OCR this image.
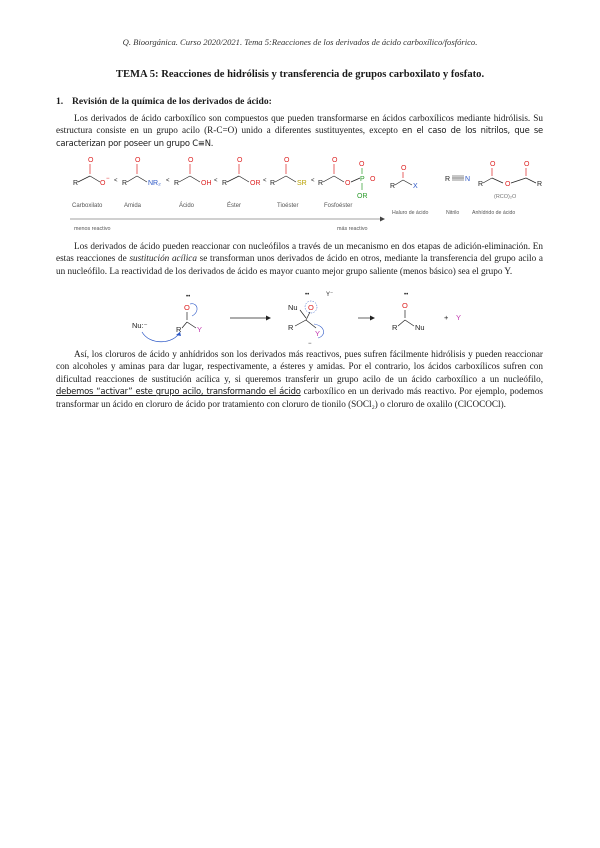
Q. Bioorgánica. Curso 2020/2021. Tema 5:Reacciones de los derivados de ácido carboxílico/fosfórico.
TEMA 5: Reacciones de hidrólisis y transferencia de grupos carboxilato y fosfato.
1. Revisión de la química de los derivados de ácido:
Los derivados de ácido carboxílico son compuestos que pueden transformarse en ácidos carboxílicos mediante hidrólisis. Su estructura consiste en un grupo acilo (R-C=O) unido a diferentes sustituyentes, excepto en el caso de los nitrilos, que se caracterizan por poseer un grupo C≡N.
O
R	O
− <
O
R	NR₂ <
O
R	OH <
O
R	OR <
O
R	SR <
O
R	O
P
O
O
OR
O
R	X
R N
O	O
R	O	R
Carboxilato	Amida	Ácido	Éster	Tioéster	Fosfoéster
Haluro de ácido	Nitrilo Anhídrido de ácido
(RCO)₂O
menos reactivo	más reactivo
Los derivados de ácido pueden reaccionar con nucleófilos a través de un mecanismo en dos etapas de adición-eliminación. En estas reacciones de sustitución acílica se transforman unos derivados de ácido en otros, mediante la transferencia del grupo acilo a un nucleófilo. La reactividad de los derivados de ácido es mayor cuanto mejor grupo saliente (menos básico) sea el grupo Y.
Nu:⁻
••
O
R Y
••	Y⁻
Nu O
R
Y
−
••
O
R Nu
+ Y
Así, los cloruros de ácido y anhídridos son los derivados más reactivos, pues sufren fácilmente hidrólisis y pueden reaccionar con alcoholes y aminas para dar lugar, respectivamente, a ésteres y amidas. Por el contrario, los ácidos carboxílicos sufren con dificultad reacciones de sustitución acílica y, si queremos transferir un grupo acilo de un ácido carboxílico a un nucleófilo, debemos “activar” este grupo acilo, transformando el ácido carboxílico en un derivado más reactivo. Por ejemplo, podemos transformar un ácido en cloruro de ácido por tratamiento con cloruro de tionilo (SOCl₂) o cloruro de oxalilo (ClCOCOCl).
